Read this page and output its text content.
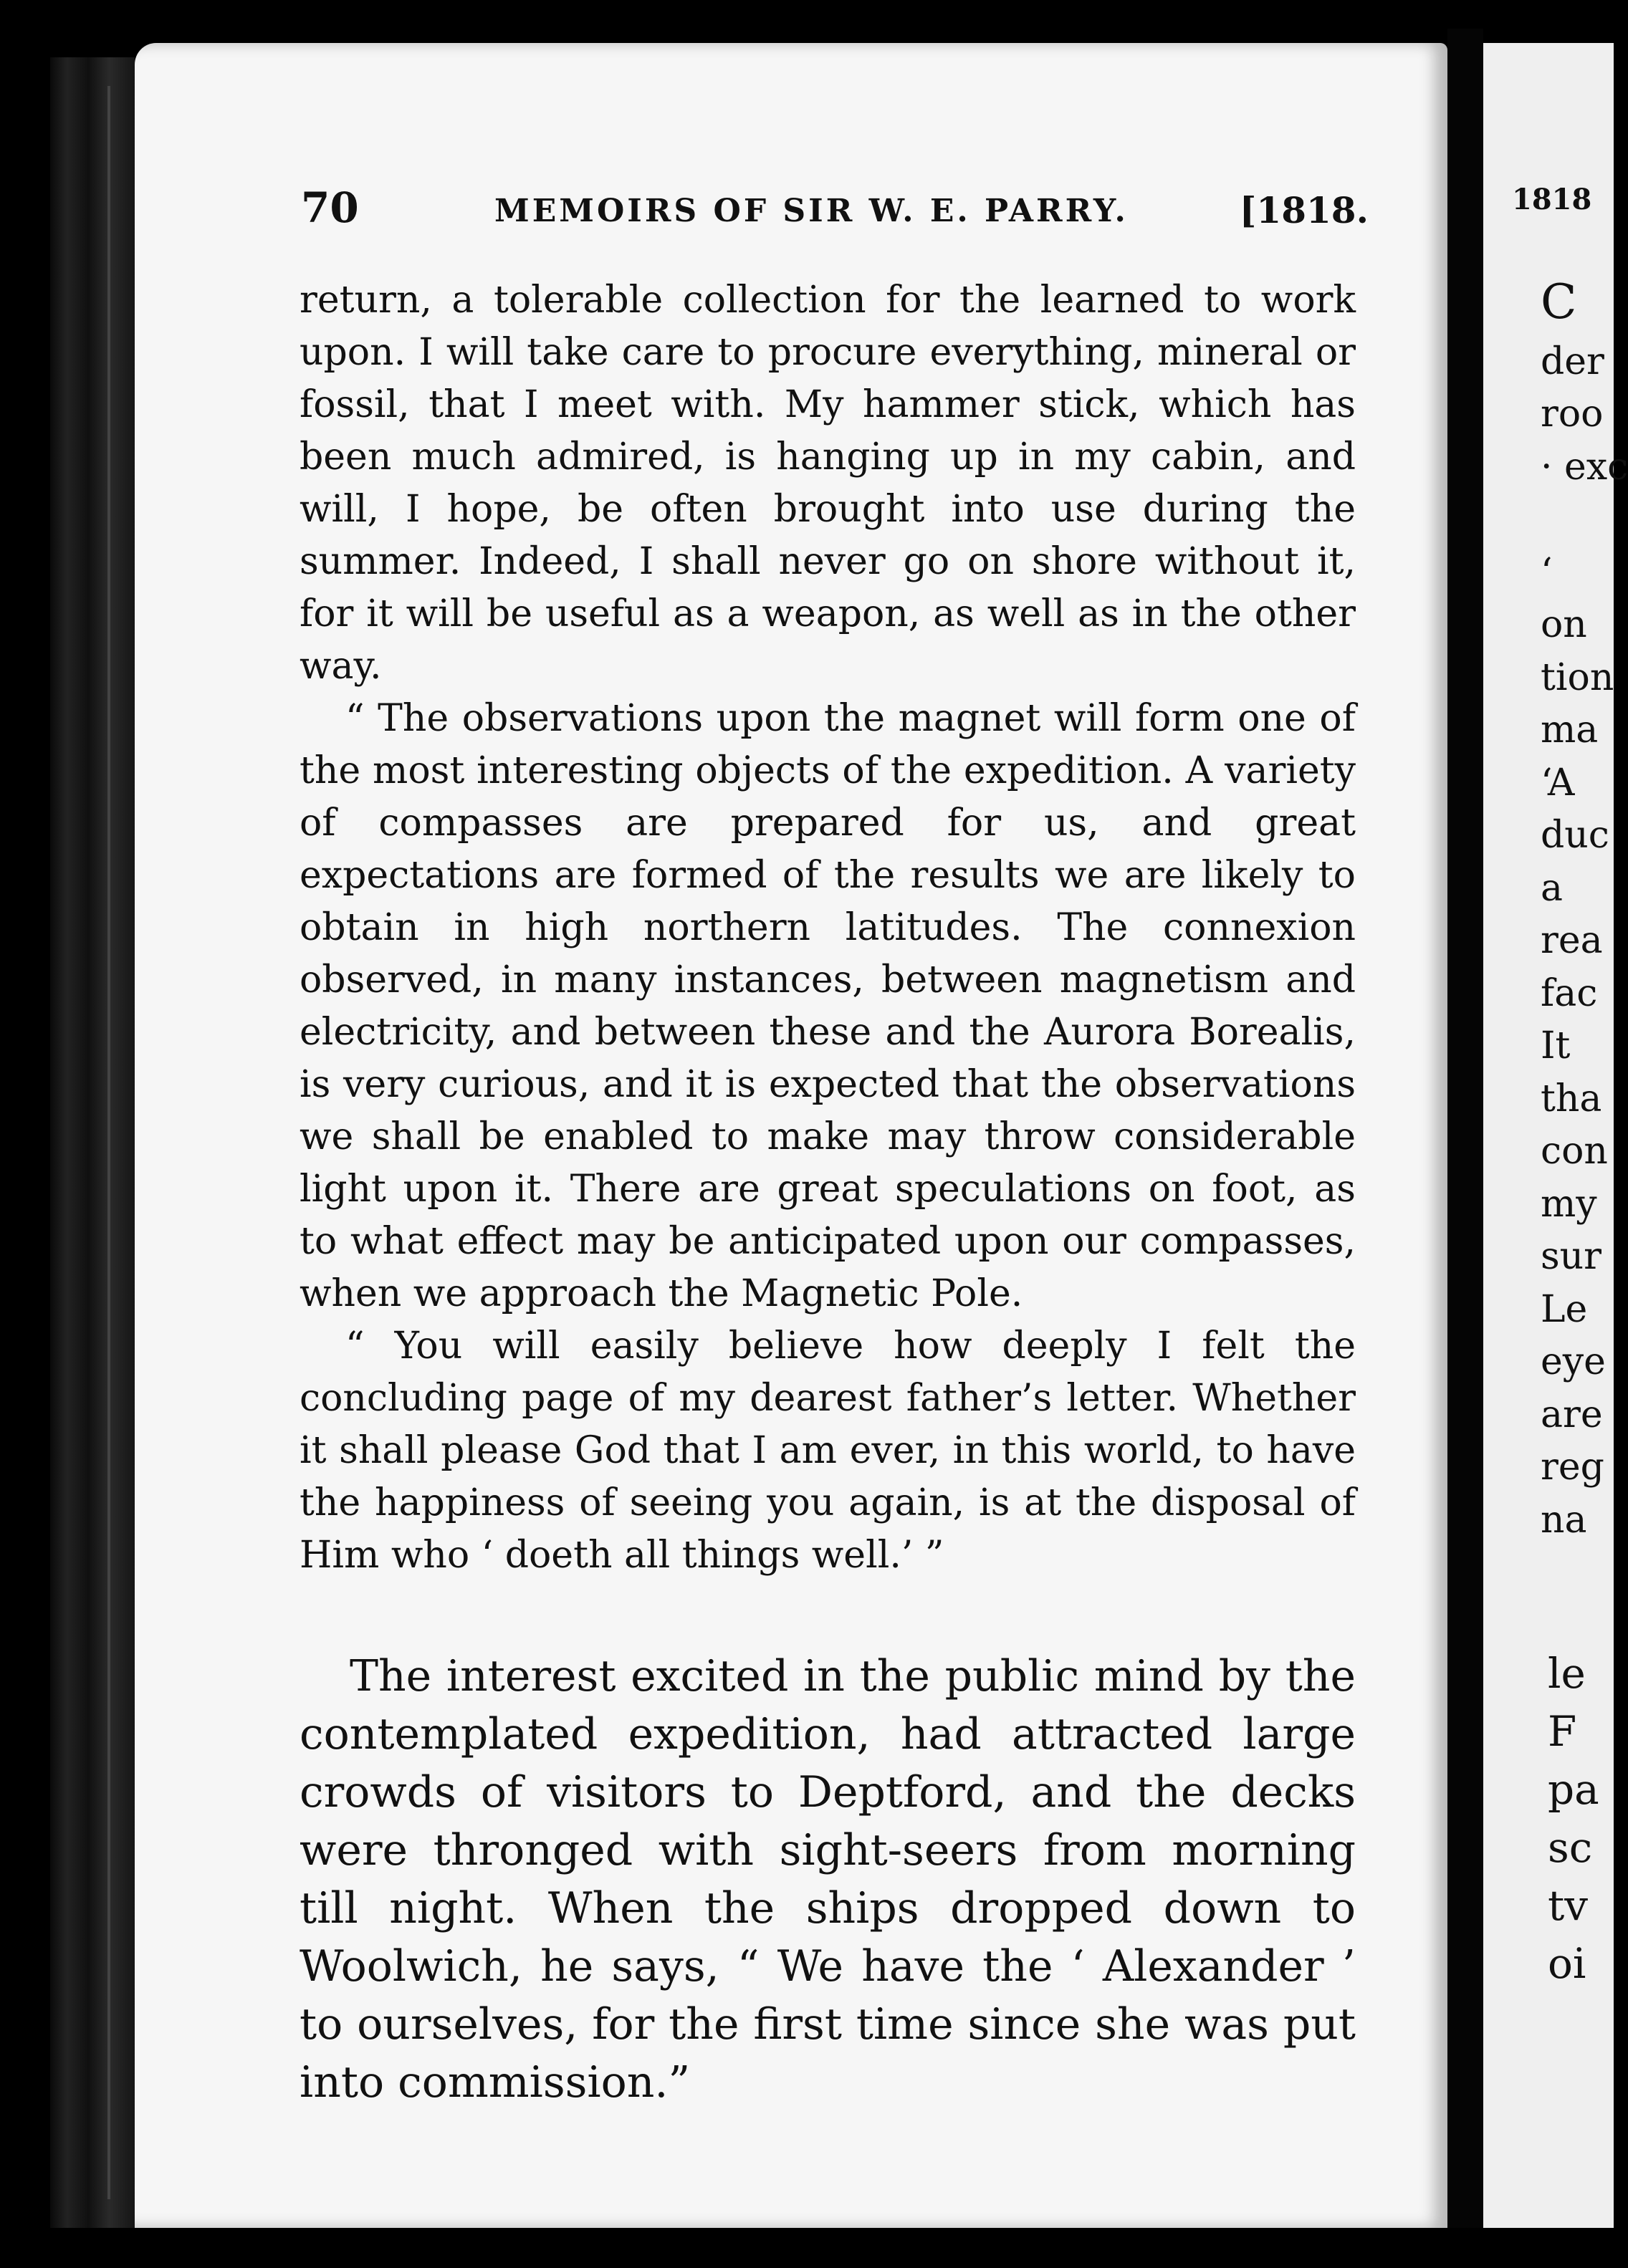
70	MEMOIRS OF SIR W. E. PARRY.	[1818.

return, a tolerable collection for the learned to work upon. I will take care to procure everything, mineral or fossil, that I meet with. My hammer stick, which has been much admired, is hanging up in my cabin, and will, I hope, be often brought into use during the summer. Indeed, I shall never go on shore without it, for it will be useful as a weapon, as well as in the other way.

“ The observations upon the magnet will form one of the most interesting objects of the expedition. A variety of compasses are prepared for us, and great expectations are formed of the results we are likely to obtain in high northern latitudes. The connexion observed, in many instances, between magnetism and electricity, and between these and the Aurora Borealis, is very curious, and it is expected that the observations we shall be enabled to make may throw considerable light upon it. There are great speculations on foot, as to what effect may be anticipated upon our compasses, when we approach the Magnetic Pole.

“ You will easily believe how deeply I felt the concluding page of my dearest father’s letter. Whether it shall please God that I am ever, in this world, to have the happiness of seeing you again, is at the disposal of Him who ‘ doeth all things well.’ ”

The interest excited in the public mind by the contemplated expedition, had attracted large crowds of visitors to Deptford, and the decks were thronged with sight-seers from morning till night. When the ships dropped down to Woolwich, he says, “ We have the ‘ Alexander ’ to ourselves, for the first time since she was put into commission.”

1818
C
der
roo
· exc
‘
on
tion
ma
‘A
duc
a
rea
fac
It
tha
con
my
sur
Le
eye
are
reg
na
le
F
pa
sc
tv
oi
